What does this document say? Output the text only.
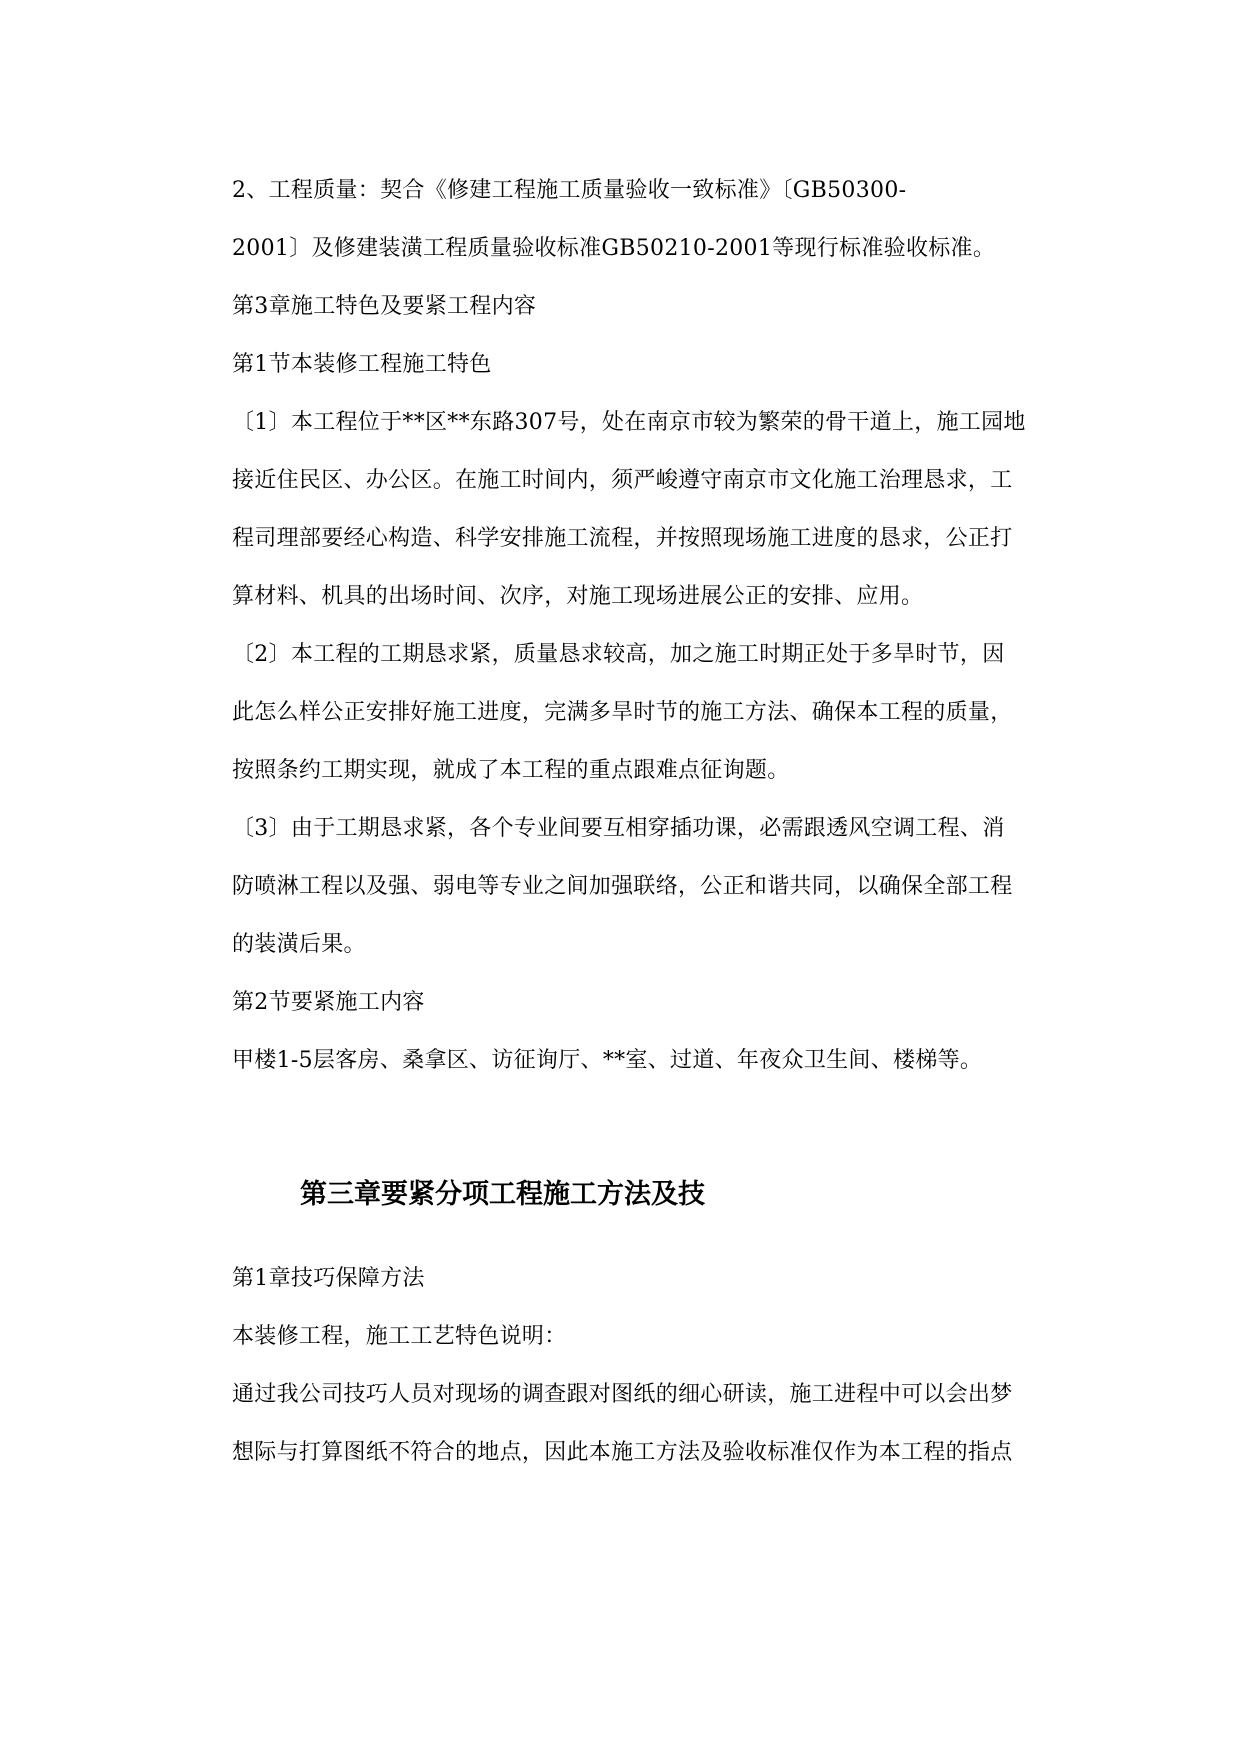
2、工程质量：契合《修建工程施工质量验收一致标准》〔GB50300-
2001〕及修建装潢工程质量验收标准GB50210-2001等现行标准验收标准。
第3章施工特色及要紧工程内容
第1节本装修工程施工特色
〔1〕本工程位于**区**东路307号，处在南京市较为繁荣的骨干道上，施工园地
接近住民区、办公区。在施工时间内，须严峻遵守南京市文化施工治理恳求，工
程司理部要经心构造、科学安排施工流程，并按照现场施工进度的恳求，公正打
算材料、机具的出场时间、次序，对施工现场进展公正的安排、应用。
〔2〕本工程的工期恳求紧，质量恳求较高，加之施工时期正处于多旱时节，因
此怎么样公正安排好施工进度，完满多旱时节的施工方法、确保本工程的质量，
按照条约工期实现，就成了本工程的重点跟难点征询题。
〔3〕由于工期恳求紧，各个专业间要互相穿插功课，必需跟透风空调工程、消
防喷淋工程以及强、弱电等专业之间加强联络，公正和谐共同，以确保全部工程
的装潢后果。
第2节要紧施工内容
甲楼1-5层客房、桑拿区、访征询厅、**室、过道、年夜众卫生间、楼梯等。
第三章要紧分项工程施工方法及技
第1章技巧保障方法
本装修工程，施工工艺特色说明：
通过我公司技巧人员对现场的调查跟对图纸的细心研读，施工进程中可以会出梦
想际与打算图纸不符合的地点，因此本施工方法及验收标准仅作为本工程的指点
